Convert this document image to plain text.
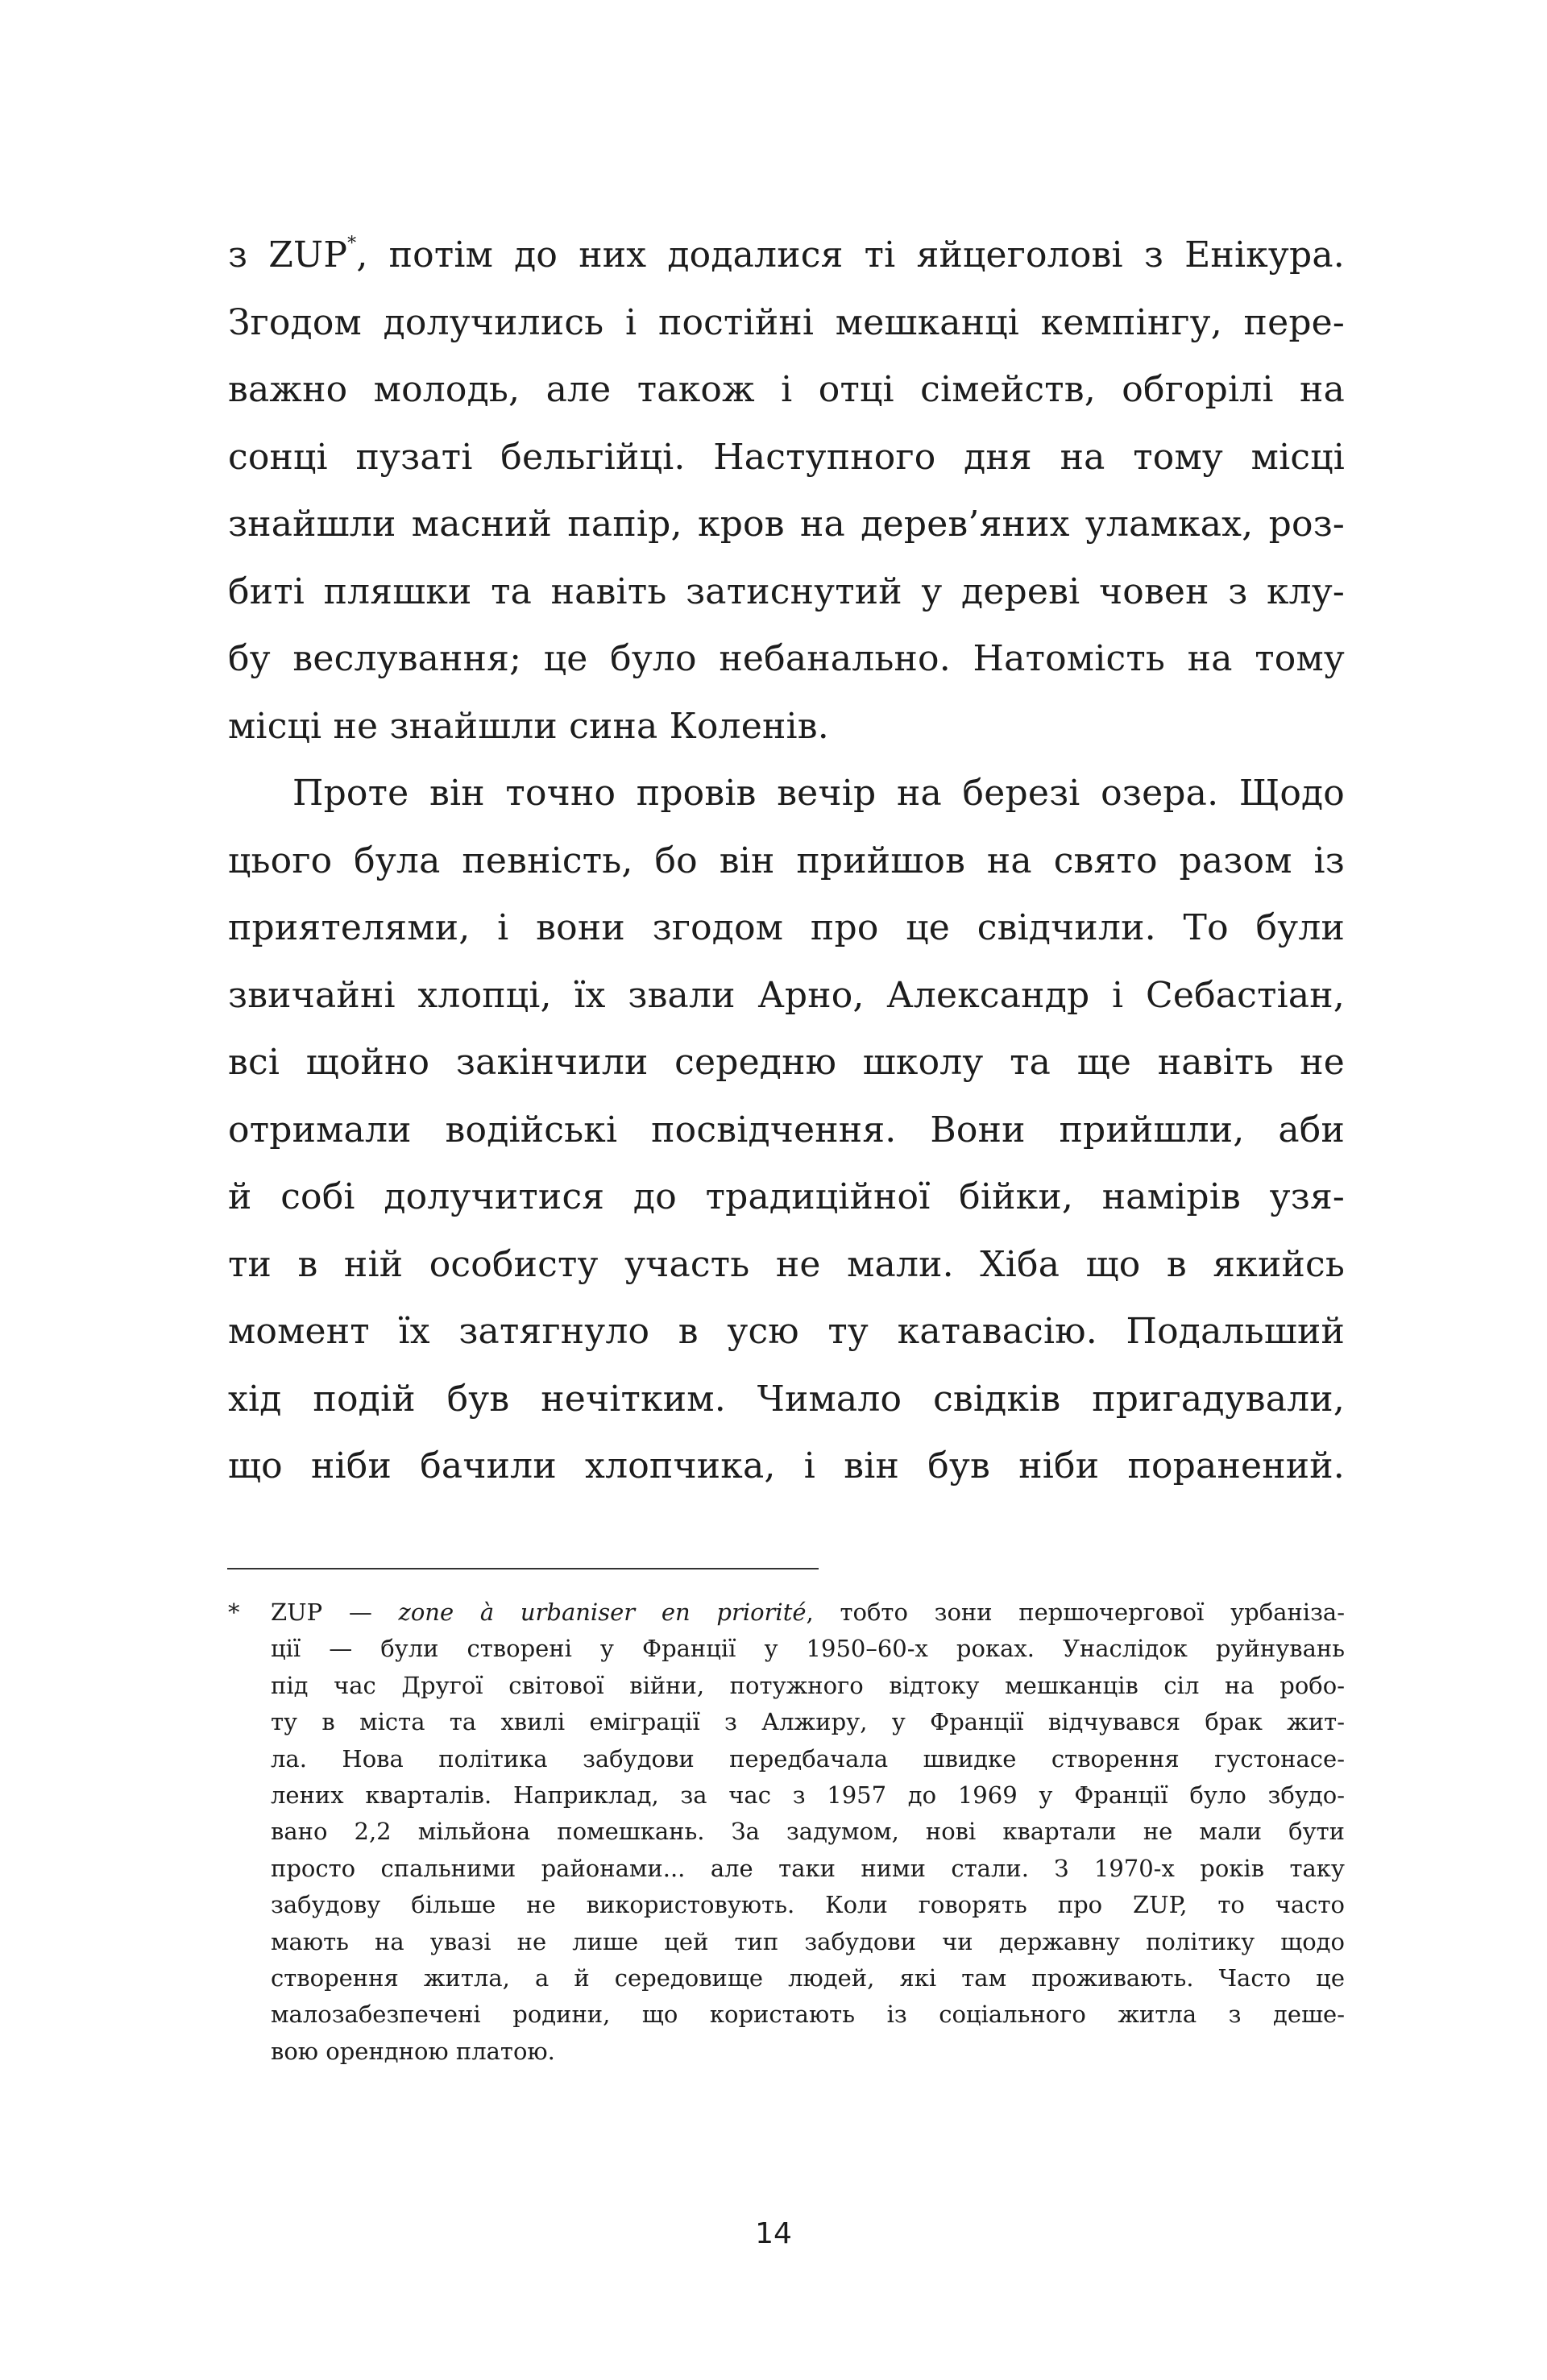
з ZUP*, потім до них додалися ті яйцеголові з Енікура.
Згодом долучились і постійні мешканці кемпінгу, пере-
важно молодь, але також і отці сімейств, обгорілі на
сонці пузаті бельгійці. Наступного дня на тому місці
знайшли масний папір, кров на дерев’яних уламках, роз-
биті пляшки та навіть затиснутий у дереві човен з клу-
бу веслування; це було небанально. Натомість на тому
місці не знайшли сина Коленів.
Проте він точно провів вечір на березі озера. Щодо
цього була певність, бо він прийшов на свято разом із
приятелями, і вони згодом про це свідчили. То були
звичайні хлопці, їх звали Арно, Александр і Себастіан,
всі щойно закінчили середню школу та ще навіть не
отримали водійські посвідчення. Вони прийшли, аби
й собі долучитися до традиційної бійки, намірів узя-
ти в ній особисту участь не мали. Хіба що в якийсь
момент їх затягнуло в усю ту катавасію. Подальший
хід подій був нечітким. Чимало свідків пригадували,
що ніби бачили хлопчика, і він був ніби поранений.
*	ZUP — zone à urbaniser en priorité, тобто зони першочергової урбаніза-
ції — були створені у Франції у 1950–60-х роках. Унаслідок руйнувань
під час Другої світової війни, потужного відтоку мешканців сіл на робо-
ту в міста та хвилі еміграції з Алжиру, у Франції відчувався брак жит-
ла. Нова політика забудови передбачала швидке створення густонасе-
лених кварталів. Наприклад, за час з 1957 до 1969 у Франції було збудо-
вано 2,2 мільйона помешкань. За задумом, нові квартали не мали бути
просто спальними районами... але таки ними стали. З 1970-х років таку
забудову більше не використовують. Коли говорять про ZUP, то часто
мають на увазі не лише цей тип забудови чи державну політику щодо
створення житла, а й середовище людей, які там проживають. Часто це
малозабезпечені родини, що користають із соціального житла з деше-
вою орендною платою.
14
